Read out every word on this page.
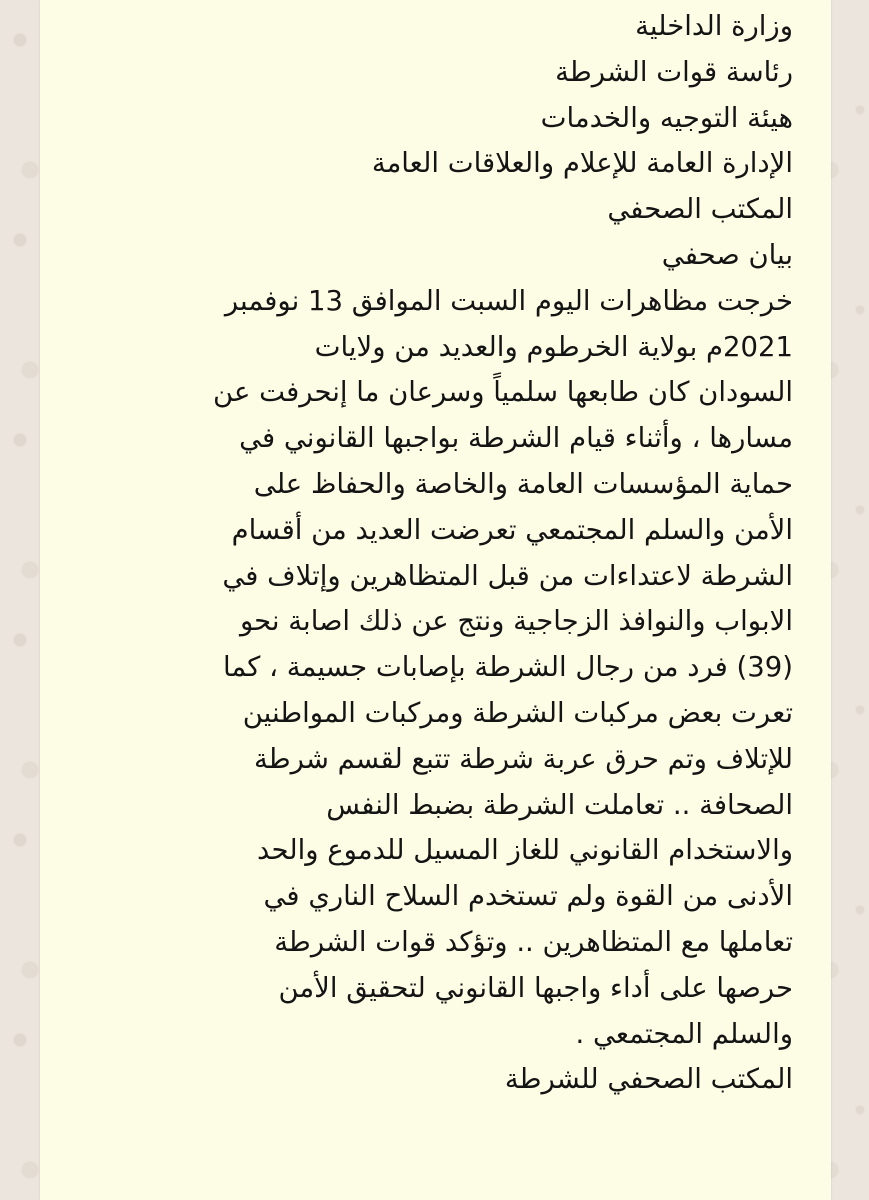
وزارة الداخلية
رئاسة قوات الشرطة
هيئة التوجيه والخدمات
الإدارة العامة للإعلام والعلاقات العامة
المكتب الصحفي
بيان صحفي
خرجت مظاهرات اليوم السبت الموافق 13 نوفمبر
2021م بولاية الخرطوم والعديد من ولايات
السودان كان طابعها سلمياً وسرعان ما إنحرفت عن
مسارها ، وأثناء قيام الشرطة بواجبها القانوني في
حماية المؤسسات العامة والخاصة والحفاظ على
الأمن والسلم المجتمعي تعرضت العديد من أقسام
الشرطة لاعتداءات من قبل المتظاهرين وإتلاف في
الابواب والنوافذ الزجاجية ونتج عن ذلك اصابة نحو
(39) فرد من رجال الشرطة بإصابات جسيمة ، كما
تعرت بعض مركبات الشرطة ومركبات المواطنين
للإتلاف وتم حرق عربة شرطة تتبع لقسم شرطة
الصحافة .. تعاملت الشرطة بضبط النفس
والاستخدام القانوني للغاز المسيل للدموع والحد
الأدنى من القوة ولم تستخدم السلاح الناري في
تعاملها مع المتظاهرين .. وتؤكد قوات الشرطة
حرصها على أداء واجبها القانوني لتحقيق الأمن
والسلم المجتمعي .
المكتب الصحفي للشرطة
